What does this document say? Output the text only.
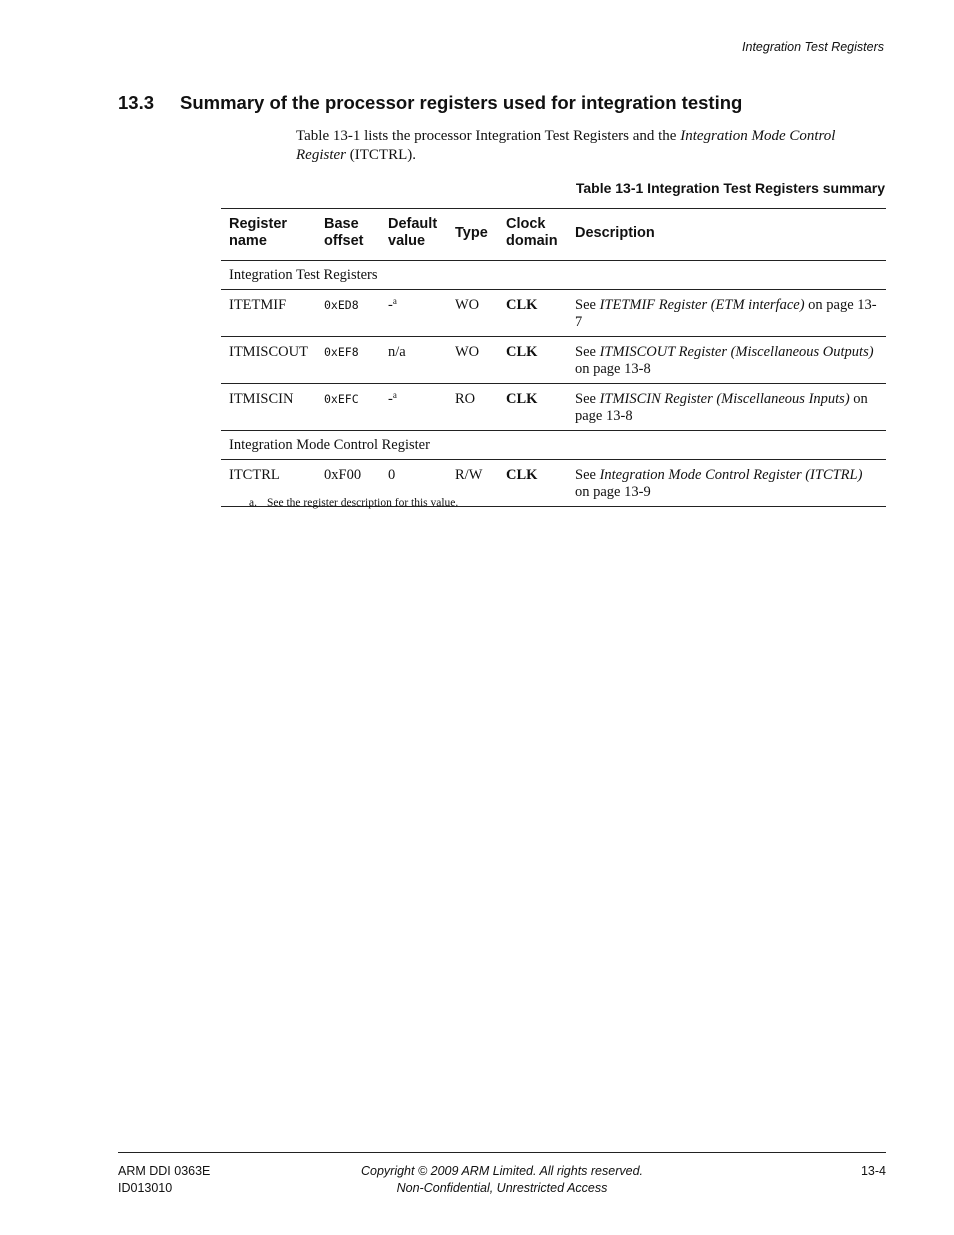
Integration Test Registers
13.3 Summary of the processor registers used for integration testing

Table 13-1 lists the processor Integration Test Registers and the Integration Mode Control Register (ITCTRL).

Table 13-1 Integration Test Registers summary
Register name	Base offset	Default value	Type	Clock domain	Description
Integration Test Registers					
ITETMIF	0xED8	-$^a$	WO	CLK	See ITETMIF Register (ETM interface) on page 13-7
ITMISCOUT	0xEF8	n/a	WO	CLK	See ITMISCOUT Register (Miscellaneous Outputs) on page 13-8
ITMISCIN	0xEFC	-$^a$	RO	CLK	See ITMISCIN Register (Miscellaneous Inputs) on page 13-8
Integration Mode Control Register					
ITCTRL	0xF00	0	R/W	CLK	See Integration Mode Control Register (ITCTRL) on page 13-9
a. See the register description for this value.
ARM DDI 0363E
ID013010
Copyright © 2009 ARM Limited. All rights reserved.
Non-Confidential, Unrestricted Access
13-4
